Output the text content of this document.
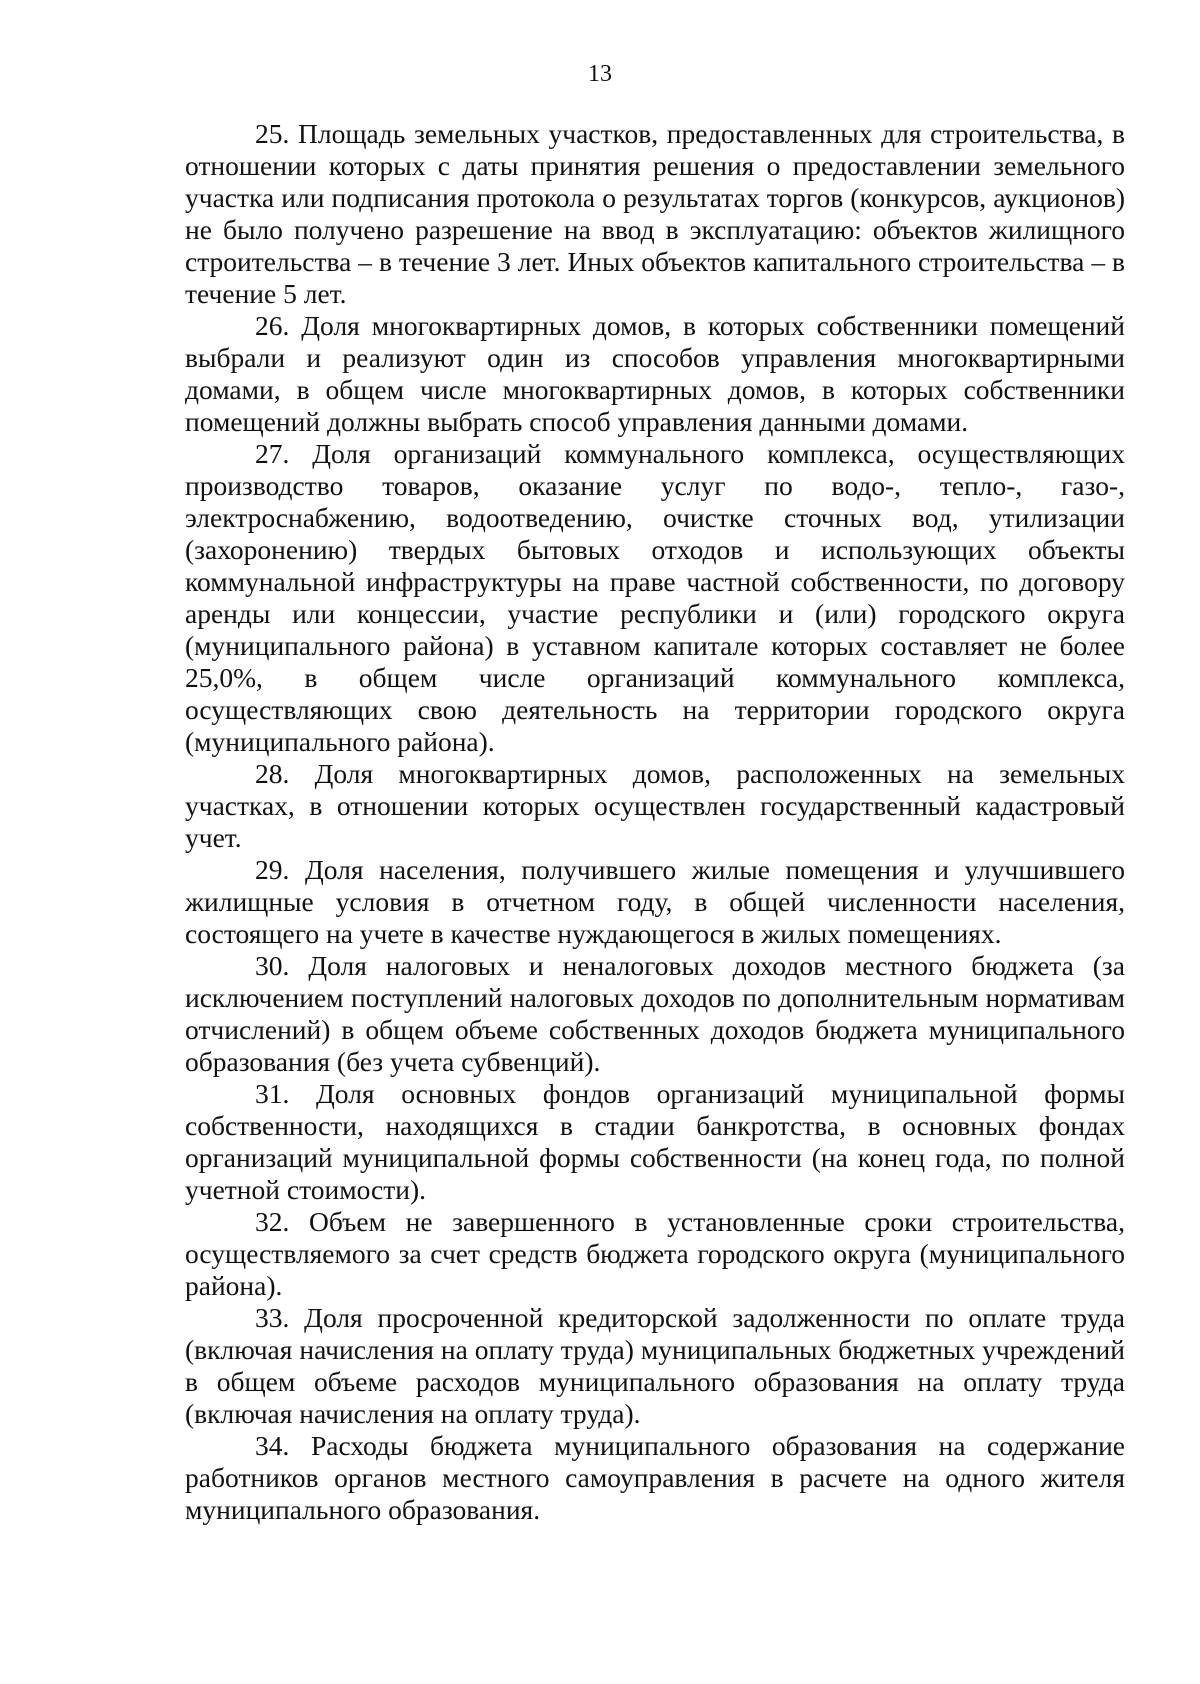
13

25. Площадь земельных участков, предоставленных для строительства, в отношении которых с даты принятия решения о предоставлении земельного участка или подписания протокола о результатах торгов (конкурсов, аукционов) не было получено разрешение на ввод в эксплуатацию: объектов жилищного строительства – в течение 3 лет. Иных объектов капитального строительства – в течение 5 лет.

26. Доля многоквартирных домов, в которых собственники помещений выбрали и реализуют один из способов управления многоквартирными домами, в общем числе многоквартирных домов, в которых собственники помещений должны выбрать способ управления данными домами.

27. Доля организаций коммунального комплекса, осуществляющих производство товаров, оказание услуг по водо-, тепло-, газо-, электроснабжению, водоотведению, очистке сточных вод, утилизации (захоронению) твердых бытовых отходов и использующих объекты коммунальной инфраструктуры на праве частной собственности, по договору аренды или концессии, участие республики и (или) городского округа (муниципального района) в уставном капитале которых составляет не более 25,0%, в общем числе организаций коммунального комплекса, осуществляющих свою деятельность на территории городского округа (муниципального района).

28. Доля многоквартирных домов, расположенных на земельных участках, в отношении которых осуществлен государственный кадастровый учет.

29. Доля населения, получившего жилые помещения и улучшившего жилищные условия в отчетном году, в общей численности населения, состоящего на учете в качестве нуждающегося в жилых помещениях.

30. Доля налоговых и неналоговых доходов местного бюджета (за исключением поступлений налоговых доходов по дополнительным нормативам отчислений) в общем объеме собственных доходов бюджета муниципального образования (без учета субвенций).

31. Доля основных фондов организаций муниципальной формы собственности, находящихся в стадии банкротства, в основных фондах организаций муниципальной формы собственности (на конец года, по полной учетной стоимости).

32. Объем не завершенного в установленные сроки строительства, осуществляемого за счет средств бюджета городского округа (муниципального района).

33. Доля просроченной кредиторской задолженности по оплате труда (включая начисления на оплату труда) муниципальных бюджетных учреждений в общем объеме расходов муниципального образования на оплату труда (включая начисления на оплату труда).

34. Расходы бюджета муниципального образования на содержание работников органов местного самоуправления в расчете на одного жителя муниципального образования.
